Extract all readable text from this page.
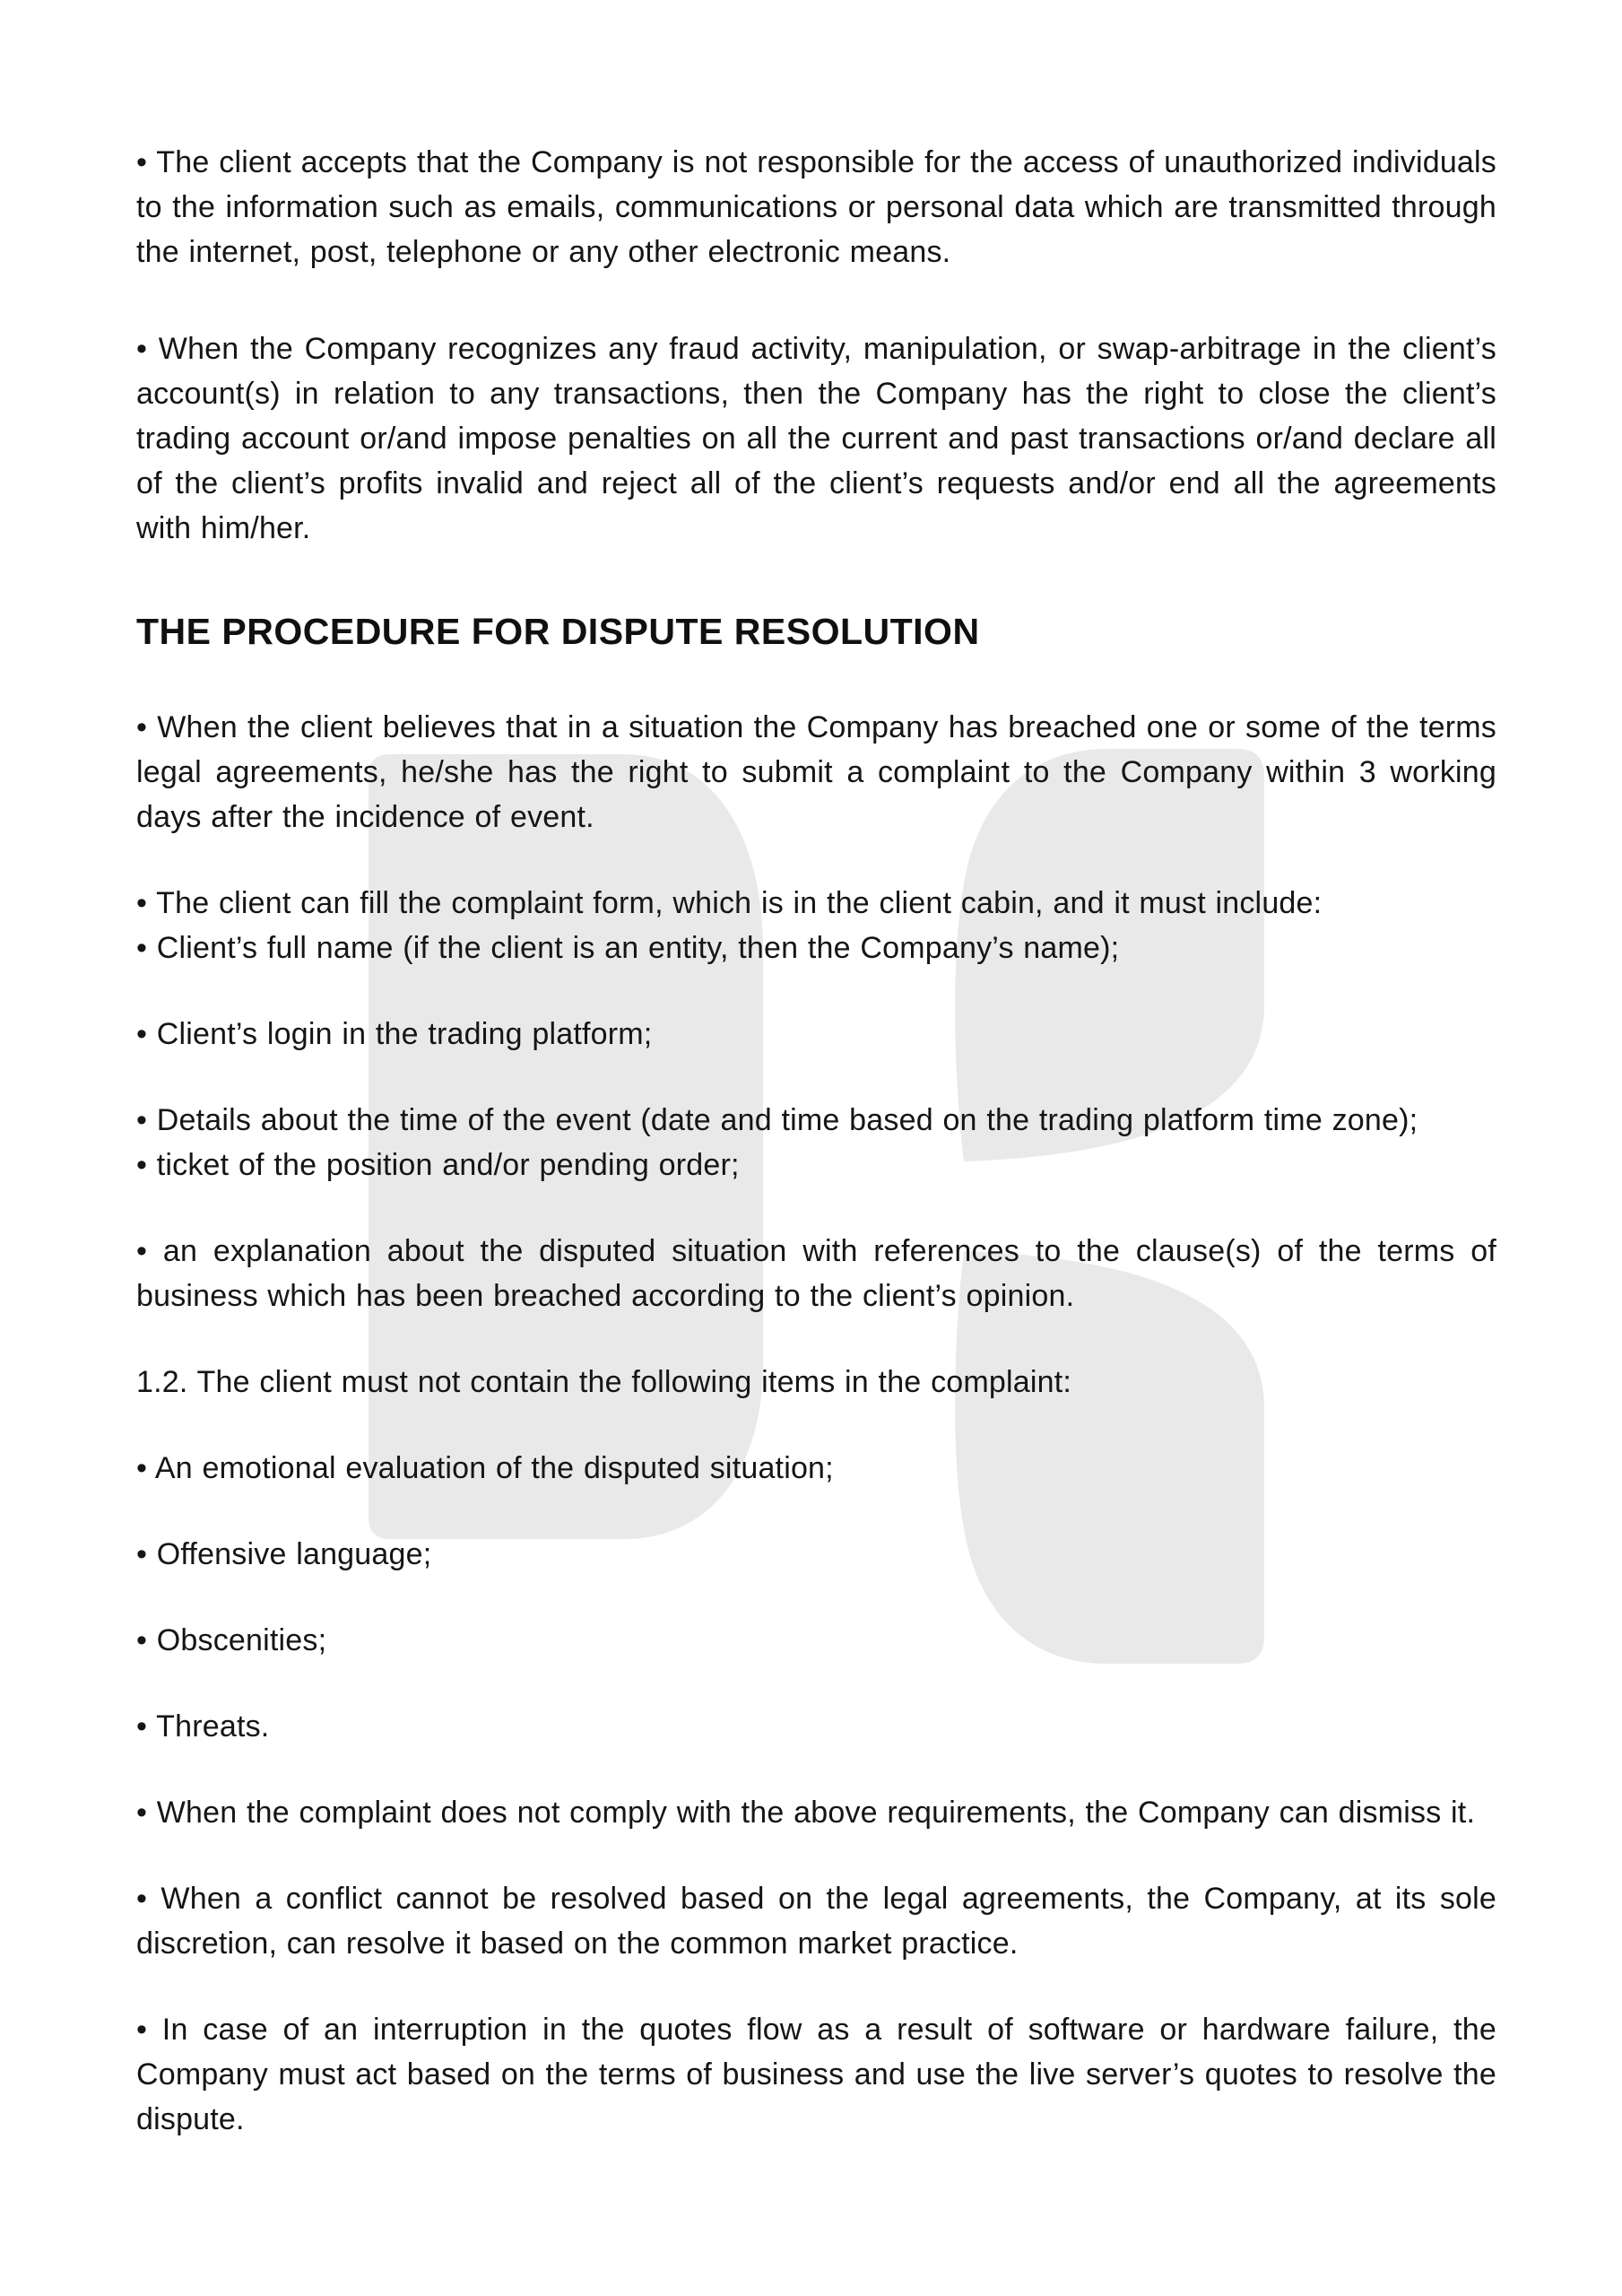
• The client accepts that the Company is not responsible for the access of unauthorized individuals to the information such as emails, communications or personal data which are transmitted through the internet, post, telephone or any other electronic means.

• When the Company recognizes any fraud activity, manipulation, or swap-arbitrage in the client’s account(s) in relation to any transactions, then the Company has the right to close the client’s trading account or/and impose penalties on all the current and past transactions or/and declare all of the client’s profits invalid and reject all of the client’s requests and/or end all the agreements with him/her.

THE PROCEDURE FOR DISPUTE RESOLUTION

• When the client believes that in a situation the Company has breached one or some of the terms legal agreements, he/she has the right to submit a complaint to the Company within 3 working days after the incidence of event.

• The client can fill the complaint form, which is in the client cabin, and it must include:

• Client’s full name (if the client is an entity, then the Company’s name);

• Client’s login in the trading platform;

• Details about the time of the event (date and time based on the trading platform time zone);

• ticket of the position and/or pending order;

• an explanation about the disputed situation with references to the clause(s) of the terms of business which has been breached according to the client’s opinion.

1.2. The client must not contain the following items in the complaint:

• An emotional evaluation of the disputed situation;

• Offensive language;

• Obscenities;

• Threats.

• When the complaint does not comply with the above requirements, the Company can dismiss it.

• When a conflict cannot be resolved based on the legal agreements, the Company, at its sole discretion, can resolve it based on the common market practice.

• In case of an interruption in the quotes flow as a result of software or hardware failure, the Company must act based on the terms of business and use the live server’s quotes to resolve the dispute.
